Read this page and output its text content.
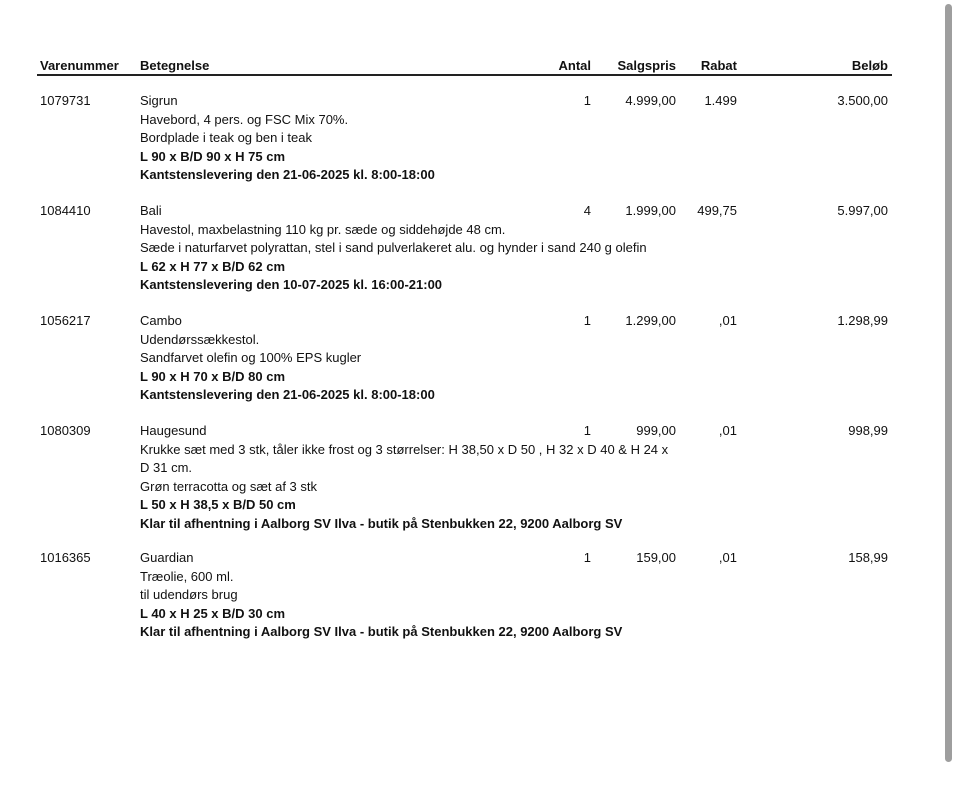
Varenummer Betegnelse	Antal Salgspris Rabat	Beløb
1079731	Sigrun
Havebord, 4 pers. og FSC Mix 70%.
Bordplade i teak og ben i teak
L 90 x B/D 90 x H 75 cm
Kantstenslevering den 21-06-2025 kl. 8:00-18:00
1	4.999,00 1.499	3.500,00
1084410	Bali
Havestol, maxbelastning 110 kg pr. sæde og siddehøjde 48 cm.
Sæde i naturfarvet polyrattan, stel i sand pulverlakeret alu. og hynder i sand 240 g olefin
L 62 x H 77 x B/D 62 cm
Kantstenslevering den 10-07-2025 kl. 16:00-21:00
4	1.999,00 499,75	5.997,00
1056217	Cambo
Udendørssækkestol.
Sandfarvet olefin og 100% EPS kugler
L 90 x H 70 x B/D 80 cm
Kantstenslevering den 21-06-2025 kl. 8:00-18:00
1	1.299,00	,01	1.298,99
1080309	Haugesund
Krukke sæt med 3 stk, tåler ikke frost og 3 størrelser: H 38,50 x D 50 , H 32 x D 40 & H 24 x D 31 cm.
Grøn terracotta og sæt af 3 stk
L 50 x H 38,5 x B/D 50 cm
Klar til afhentning i Aalborg SV Ilva - butik på Stenbukken 22, 9200 Aalborg SV
1	999,00	,01	998,99
1016365	Guardian
Træolie, 600 ml.
til udendørs brug
L 40 x H 25 x B/D 30 cm
Klar til afhentning i Aalborg SV Ilva - butik på Stenbukken 22, 9200 Aalborg SV
1	159,00	,01	158,99
